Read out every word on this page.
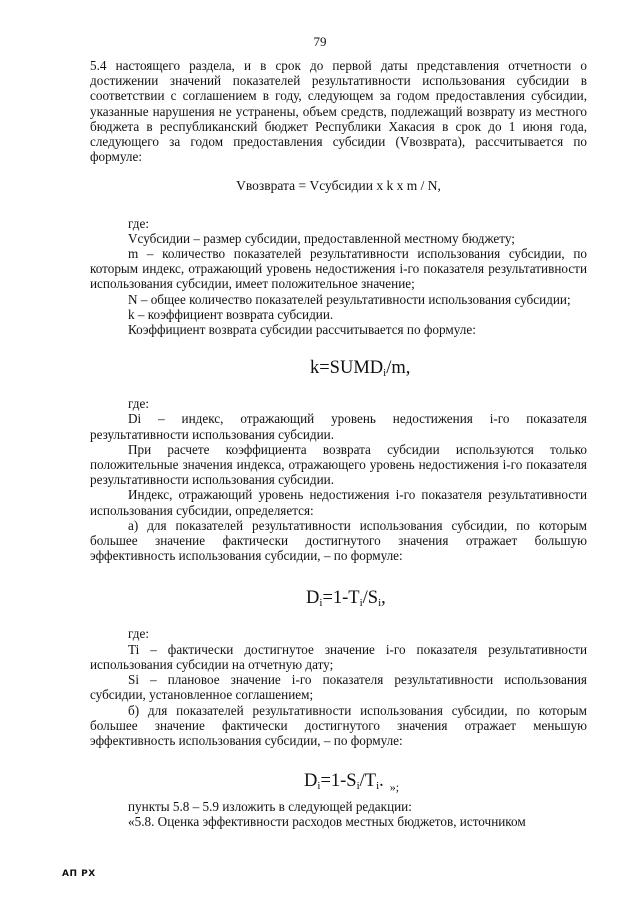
79

5.4 настоящего раздела, и в срок до первой даты представления отчетности о достижении значений показателей результативности использования субсидии в соответствии с соглашением в году, следующем за годом предоставления субсидии, указанные нарушения не устранены, объем средств, подлежащий возврату из местного бюджета в республиканский бюджет Республики Хакасия в срок до 1 июня года, следующего за годом предоставления субсидии (Vвозврата), рассчитывается по формуле:

Vвозврата = Vсубсидии x k x m / N,

где:

Vсубсидии – размер субсидии, предоставленной местному бюджету;

m – количество показателей результативности использования субсидии, по которым индекс, отражающий уровень недостижения i-го показателя результативности использования субсидии, имеет положительное значение;

N – общее количество показателей результативности использования субсидии;

k – коэффициент возврата субсидии.

Коэффициент возврата субсидии рассчитывается по формуле:

$k=SUMD_i/m$,

где:

Di – индекс, отражающий уровень недостижения i-го показателя результативности использования субсидии.

При расчете коэффициента возврата субсидии используются только положительные значения индекса, отражающего уровень недостижения i-го показателя результативности использования субсидии.

Индекс, отражающий уровень недостижения i-го показателя результативности использования субсидии, определяется:

а) для показателей результативности использования субсидии, по которым большее значение фактически достигнутого значения отражает большую эффективность использования субсидии, – по формуле:

$D_i=1-T_i/S_i$,

где:

Ti – фактически достигнутое значение i-го показателя результативности использования субсидии на отчетную дату;

Si – плановое значение i-го показателя результативности использования субсидии, установленное соглашением;

б) для показателей результативности использования субсидии, по которым большее значение фактически достигнутого значения отражает меньшую эффективность использования субсидии, – по формуле:

$D_i=1-S_i/T_i$. $_{»;}$

пункты 5.8 – 5.9 изложить в следующей редакции:

«5.8. Оценка эффективности расходов местных бюджетов, источником

АП РХ
